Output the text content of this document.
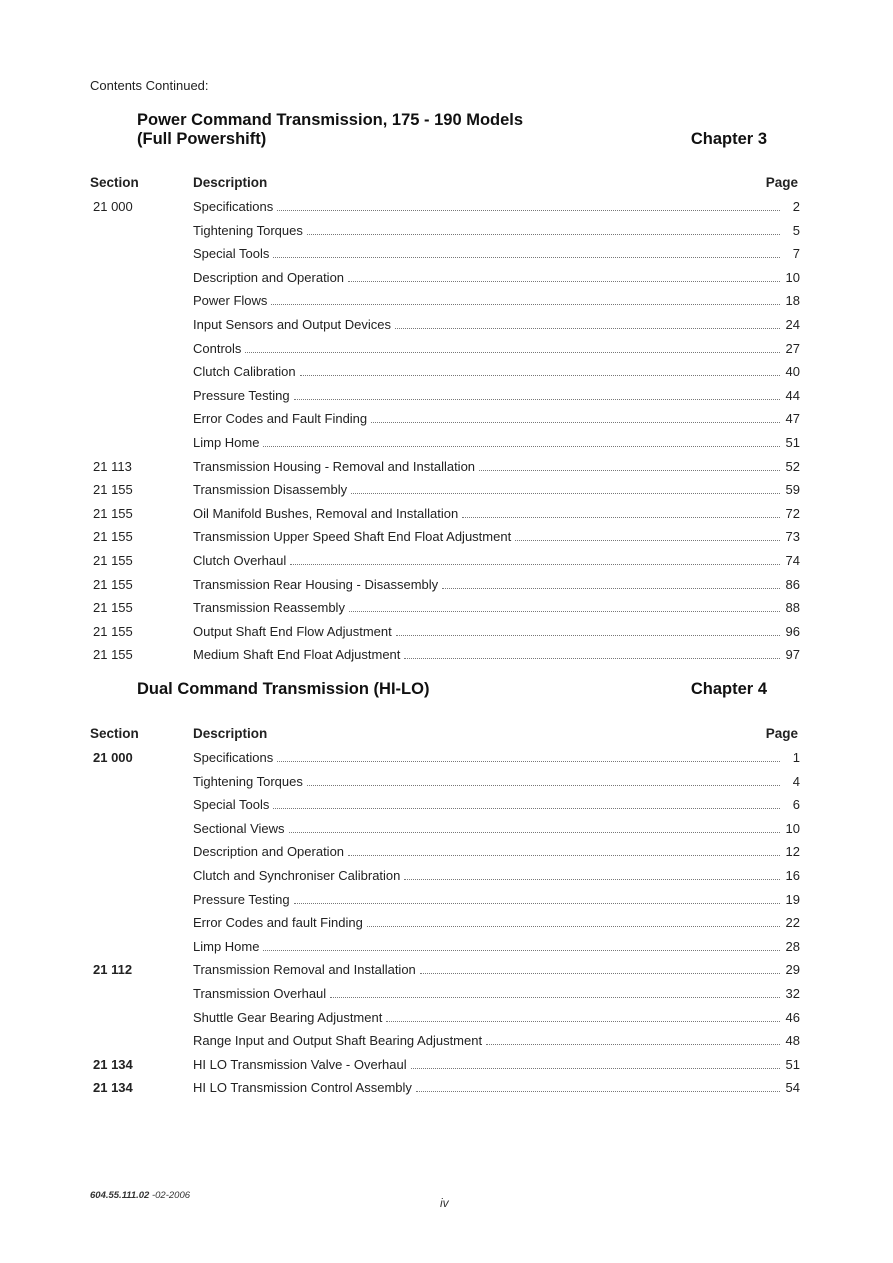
Contents Continued:
Power Command Transmission, 175 - 190 Models
(Full Powershift)	Chapter 3
Section	Description	Page
21 000	Specifications	2
Tightening Torques	5
Special Tools	7
Description and Operation	10
Power Flows	18
Input Sensors and Output Devices	24
Controls	27
Clutch Calibration	40
Pressure Testing	44
Error Codes and Fault Finding	47
Limp Home	51
21 113	Transmission Housing - Removal and Installation	52
21 155	Transmission Disassembly	59
21 155	Oil Manifold Bushes, Removal and Installation	72
21 155	Transmission Upper Speed Shaft End Float Adjustment	73
21 155	Clutch Overhaul	74
21 155	Transmission Rear Housing - Disassembly	86
21 155	Transmission Reassembly	88
21 155	Output Shaft End Flow Adjustment	96
21 155	Medium Shaft End Float Adjustment	97
Dual Command Transmission (HI-LO)	Chapter 4
Section	Description	Page
21 000	Specifications	1
Tightening Torques	4
Special Tools	6
Sectional Views	10
Description and Operation	12
Clutch and Synchroniser Calibration	16
Pressure Testing	19
Error Codes and fault Finding	22
Limp Home	28
21 112	Transmission Removal and Installation	29
Transmission Overhaul	32
Shuttle Gear Bearing Adjustment	46
Range Input and Output Shaft Bearing Adjustment	48
21 134	HI LO Transmission Valve - Overhaul	51
21 134	HI LO Transmission Control Assembly	54
604.55.111.02 -02-2006
iv
